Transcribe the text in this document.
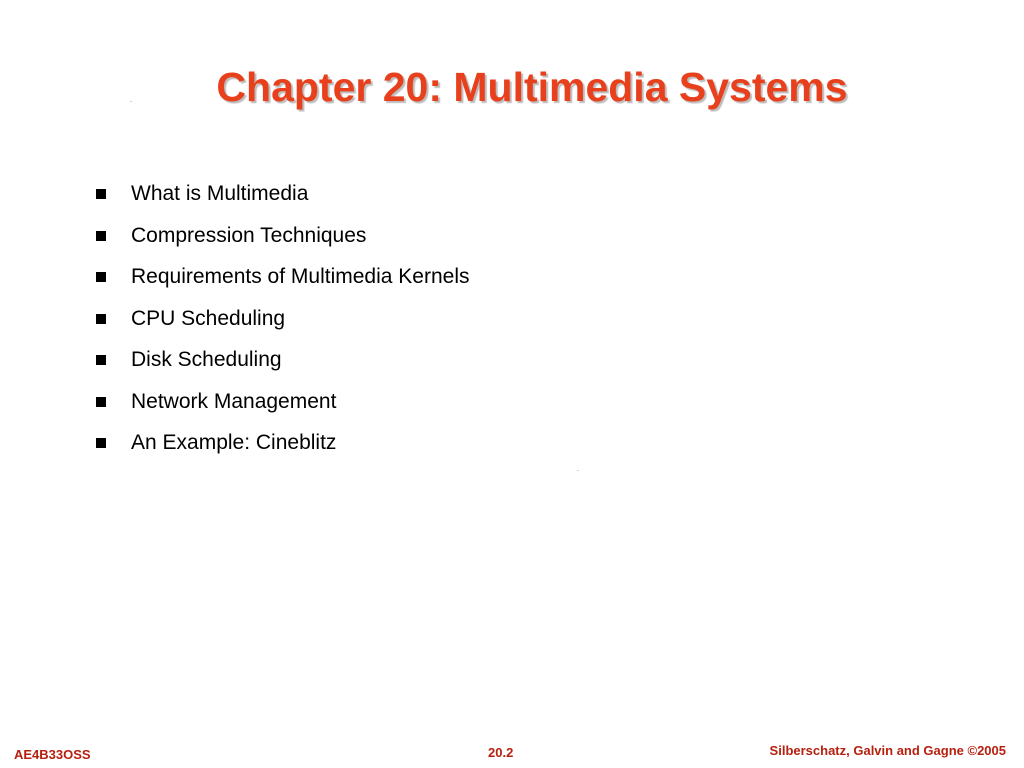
Chapter 20: Multimedia Systems
What is Multimedia
Compression Techniques
Requirements of Multimedia Kernels
CPU Scheduling
Disk Scheduling
Network Management
An Example: Cineblitz
AE4B33OSS	20.2	Silberschatz, Galvin and Gagne ©2005
